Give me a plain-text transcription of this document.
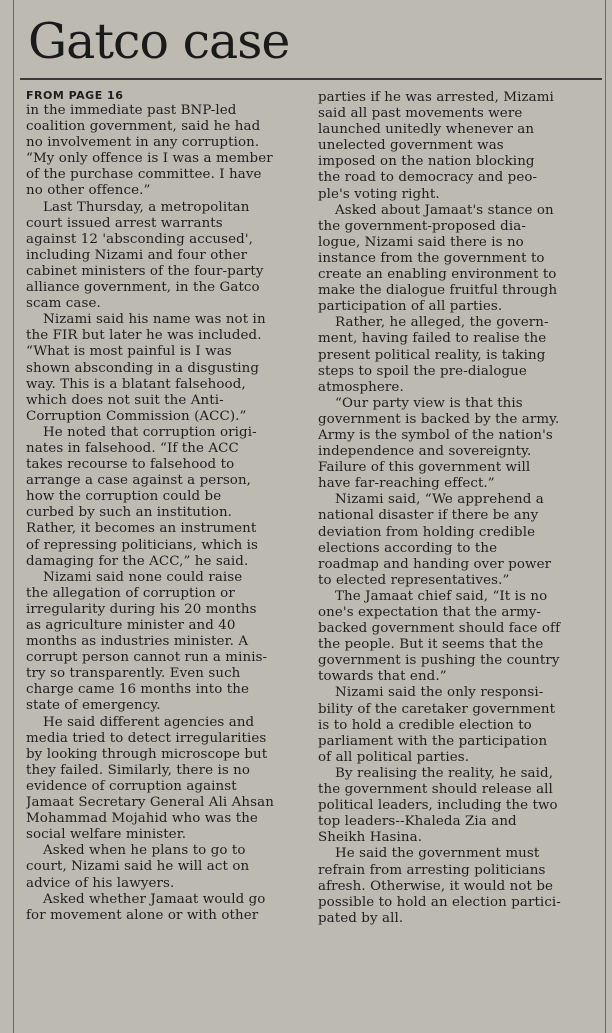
Gatco case

FROM PAGE 16

in the immediate past BNP-led
coalition government, said he had
no involvement in any corruption.
“My only offence is I was a member
of the purchase committee. I have
no other offence.”
Last Thursday, a metropolitan
court issued arrest warrants
against 12 'absconding accused',
including Nizami and four other
cabinet ministers of the four-party
alliance government, in the Gatco
scam case.
Nizami said his name was not in
the FIR but later he was included.
“What is most painful is I was
shown absconding in a disgusting
way. This is a blatant falsehood,
which does not suit the Anti-
Corruption Commission (ACC).”
He noted that corruption origi-
nates in falsehood. “If the ACC
takes recourse to falsehood to
arrange a case against a person,
how the corruption could be
curbed by such an institution.
Rather, it becomes an instrument
of repressing politicians, which is
damaging for the ACC,” he said.
Nizami said none could raise
the allegation of corruption or
irregularity during his 20 months
as agriculture minister and 40
months as industries minister. A
corrupt person cannot run a minis-
try so transparently. Even such
charge came 16 months into the
state of emergency.
He said different agencies and
media tried to detect irregularities
by looking through microscope but
they failed. Similarly, there is no
evidence of corruption against
Jamaat Secretary General Ali Ahsan
Mohammad Mojahid who was the
social welfare minister.
Asked when he plans to go to
court, Nizami said he will act on
advice of his lawyers.
Asked whether Jamaat would go
for movement alone or with other
parties if he was arrested, Mizami
said all past movements were
launched unitedly whenever an
unelected government was
imposed on the nation blocking
the road to democracy and peo-
ple's voting right.
Asked about Jamaat's stance on
the government-proposed dia-
logue, Nizami said there is no
instance from the government to
create an enabling environment to
make the dialogue fruitful through
participation of all parties.
Rather, he alleged, the govern-
ment, having failed to realise the
present political reality, is taking
steps to spoil the pre-dialogue
atmosphere.
“Our party view is that this
government is backed by the army.
Army is the symbol of the nation's
independence and sovereignty.
Failure of this government will
have far-reaching effect.”
Nizami said, “We apprehend a
national disaster if there be any
deviation from holding credible
elections according to the
roadmap and handing over power
to elected representatives.”
The Jamaat chief said, “It is no
one's expectation that the army-
backed government should face off
the people. But it seems that the
government is pushing the country
towards that end.”
Nizami said the only responsi-
bility of the caretaker government
is to hold a credible election to
parliament with the participation
of all political parties.
By realising the reality, he said,
the government should release all
political leaders, including the two
top leaders--Khaleda Zia and
Sheikh Hasina.
He said the government must
refrain from arresting politicians
afresh. Otherwise, it would not be
possible to hold an election partici-
pated by all.
